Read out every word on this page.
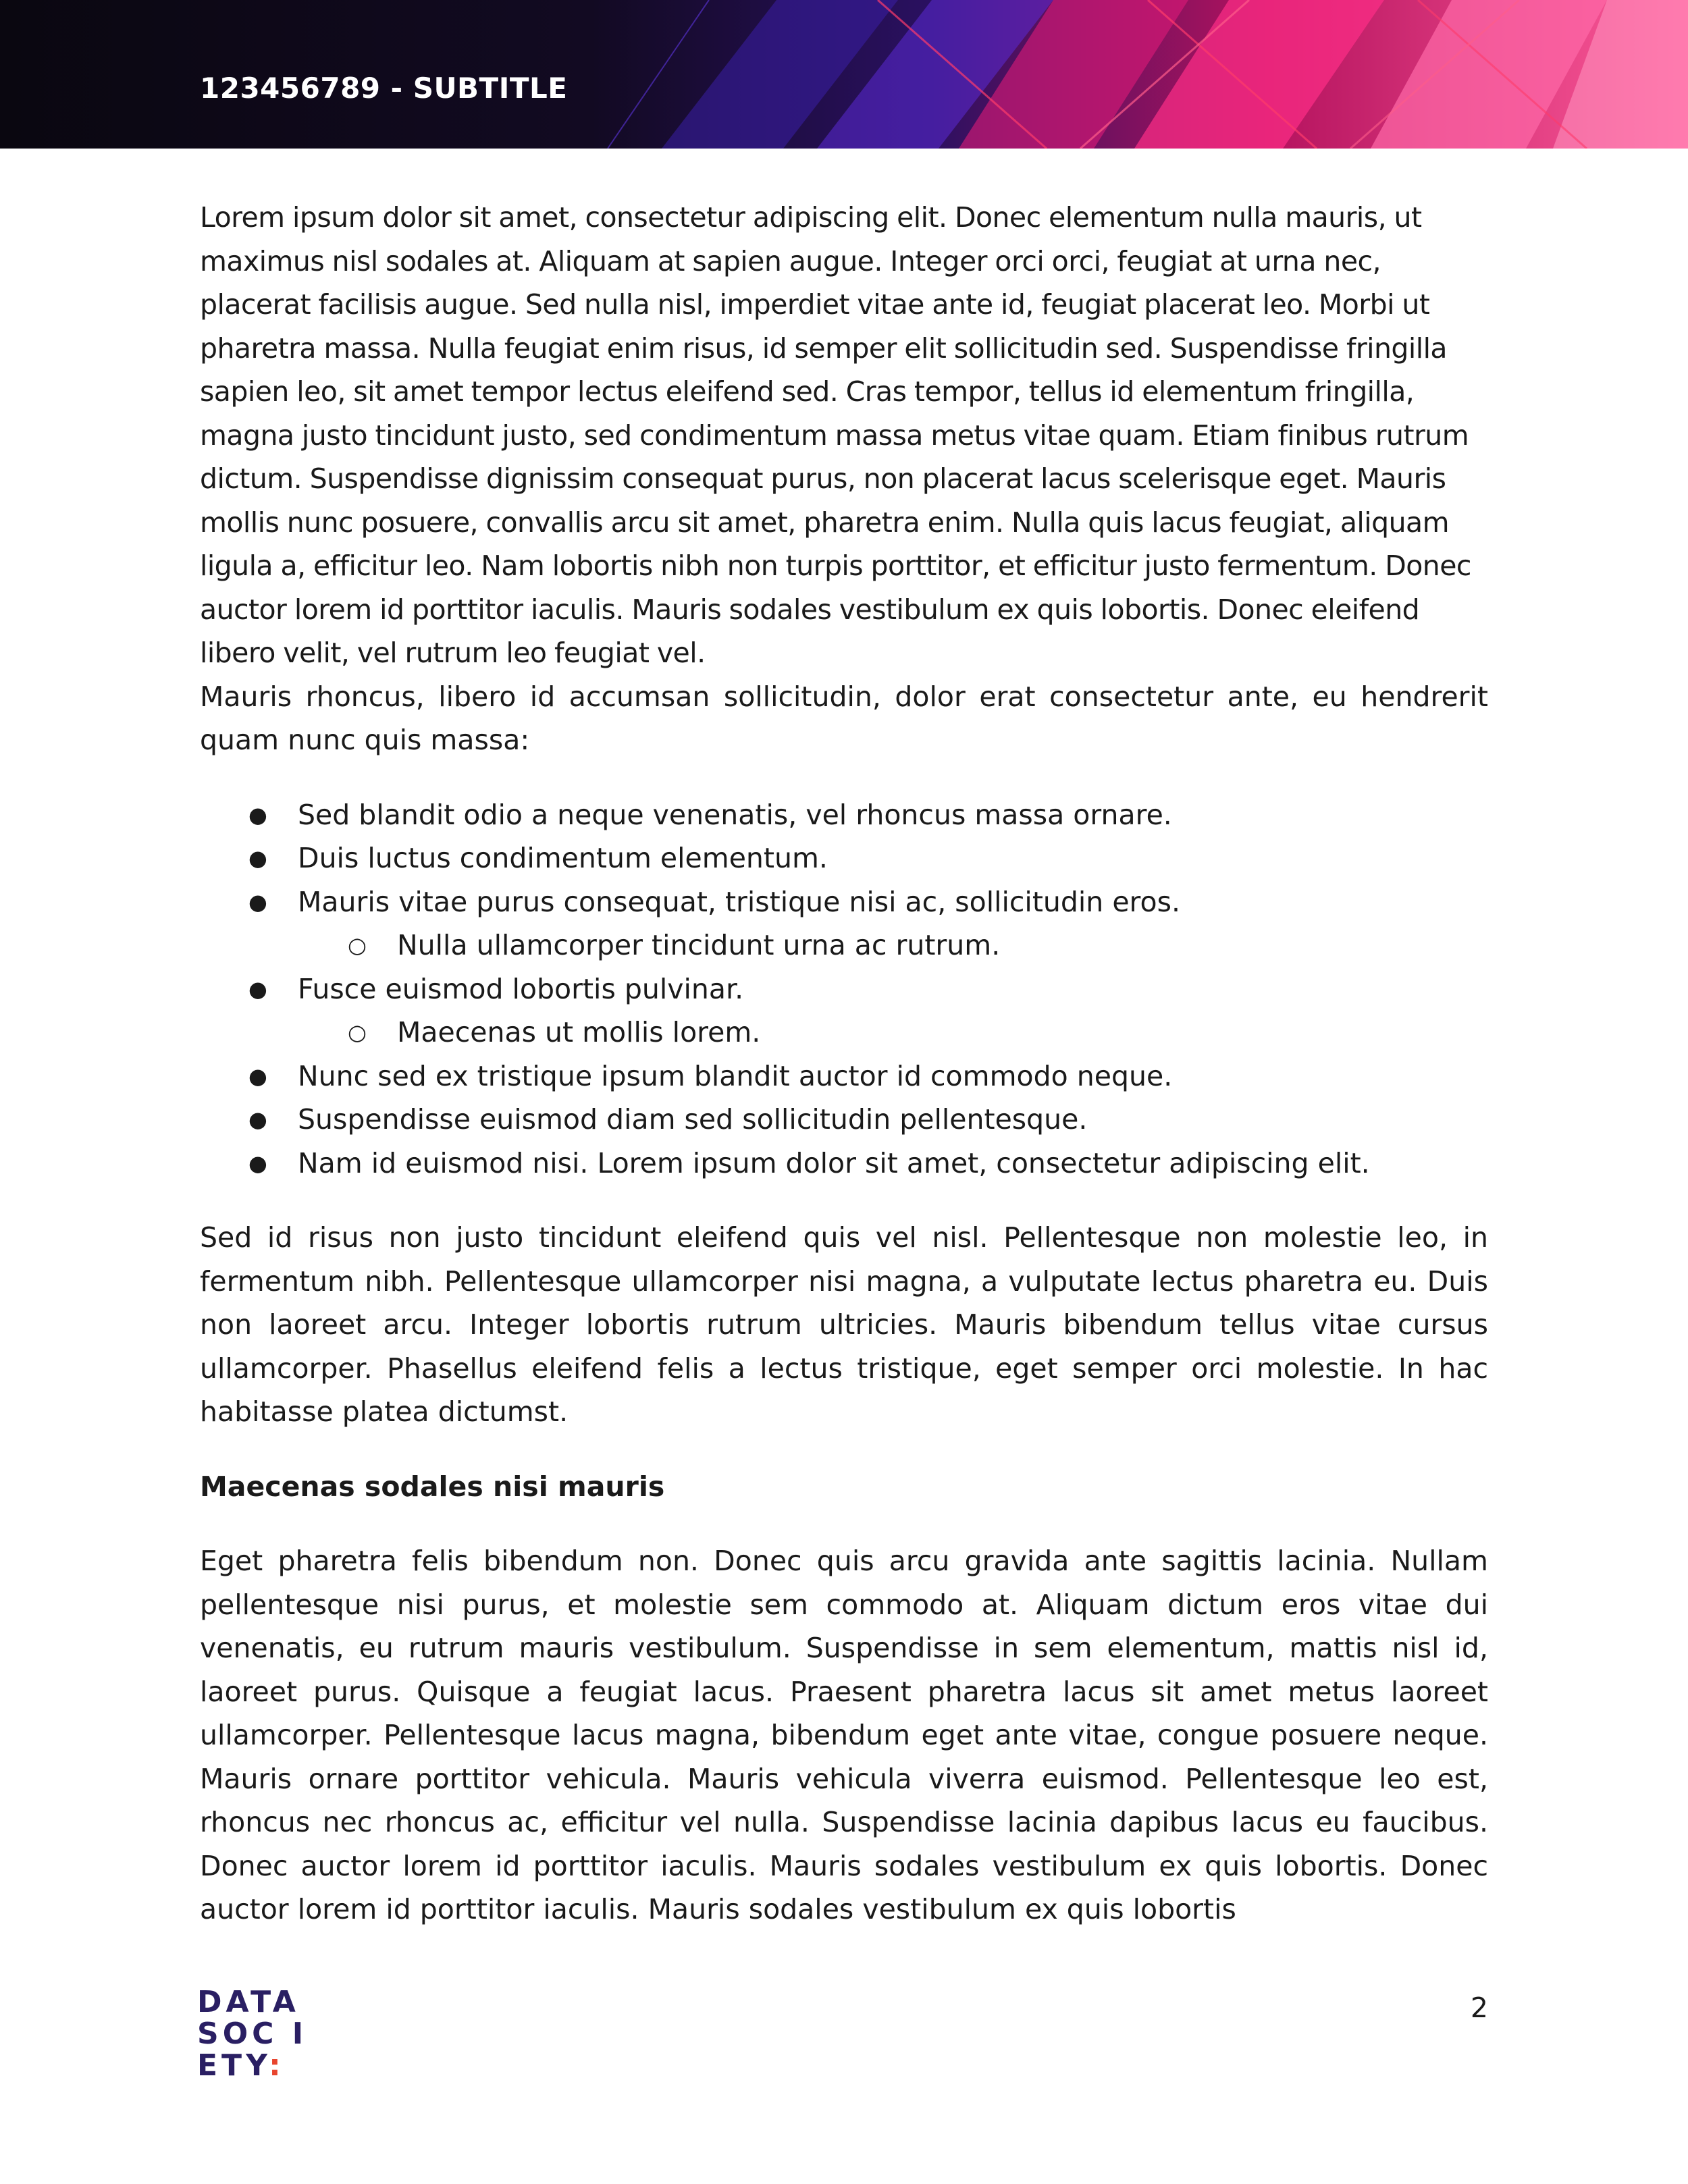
123456789 - SUBTITLE

Lorem ipsum dolor sit amet, consectetur adipiscing elit. Donec elementum nulla mauris, ut maximus nisl sodales at. Aliquam at sapien augue. Integer orci orci, feugiat at urna nec, placerat facilisis augue. Sed nulla nisl, imperdiet vitae ante id, feugiat placerat leo. Morbi ut pharetra massa. Nulla feugiat enim risus, id semper elit sollicitudin sed. Suspendisse fringilla sapien leo, sit amet tempor lectus eleifend sed. Cras tempor, tellus id elementum fringilla, magna justo tincidunt justo, sed condimentum massa metus vitae quam. Etiam finibus rutrum dictum. Suspendisse dignissim consequat purus, non placerat lacus scelerisque eget. Mauris mollis nunc posuere, convallis arcu sit amet, pharetra enim. Nulla quis lacus feugiat, aliquam ligula a, efficitur leo. Nam lobortis nibh non turpis porttitor, et efficitur justo fermentum. Donec auctor lorem id porttitor iaculis. Mauris sodales vestibulum ex quis lobortis. Donec eleifend libero velit, vel rutrum leo feugiat vel.

Mauris rhoncus, libero id accumsan sollicitudin, dolor erat consectetur ante, eu hendrerit quam nunc quis massa:

● Sed blandit odio a neque venenatis, vel rhoncus massa ornare.
● Duis luctus condimentum elementum.
● Mauris vitae purus consequat, tristique nisi ac, sollicitudin eros.
○ Nulla ullamcorper tincidunt urna ac rutrum.
● Fusce euismod lobortis pulvinar.
○ Maecenas ut mollis lorem.
● Nunc sed ex tristique ipsum blandit auctor id commodo neque.
● Suspendisse euismod diam sed sollicitudin pellentesque.
● Nam id euismod nisi. Lorem ipsum dolor sit amet, consectetur adipiscing elit.

Sed id risus non justo tincidunt eleifend quis vel nisl. Pellentesque non molestie leo, in fermentum nibh. Pellentesque ullamcorper nisi magna, a vulputate lectus pharetra eu. Duis non laoreet arcu. Integer lobortis rutrum ultricies. Mauris bibendum tellus vitae cursus ullamcorper. Phasellus eleifend felis a lectus tristique, eget semper orci molestie. In hac habitasse platea dictumst.

Maecenas sodales nisi mauris

Eget pharetra felis bibendum non. Donec quis arcu gravida ante sagittis lacinia. Nullam pellentesque nisi purus, et molestie sem commodo at. Aliquam dictum eros vitae dui venenatis, eu rutrum mauris vestibulum. Suspendisse in sem elementum, mattis nisl id, laoreet purus. Quisque a feugiat lacus. Praesent pharetra lacus sit amet metus laoreet ullamcorper. Pellentesque lacus magna, bibendum eget ante vitae, congue posuere neque. Mauris ornare porttitor vehicula. Mauris vehicula viverra euismod. Pellentesque leo est, rhoncus nec rhoncus ac, efficitur vel nulla. Suspendisse lacinia dapibus lacus eu faucibus. Donec auctor lorem id porttitor iaculis. Mauris sodales vestibulum ex quis lobortis. Donec auctor lorem id porttitor iaculis. Mauris sodales vestibulum ex quis lobortis

DATA
SOC I
ETY:
2
